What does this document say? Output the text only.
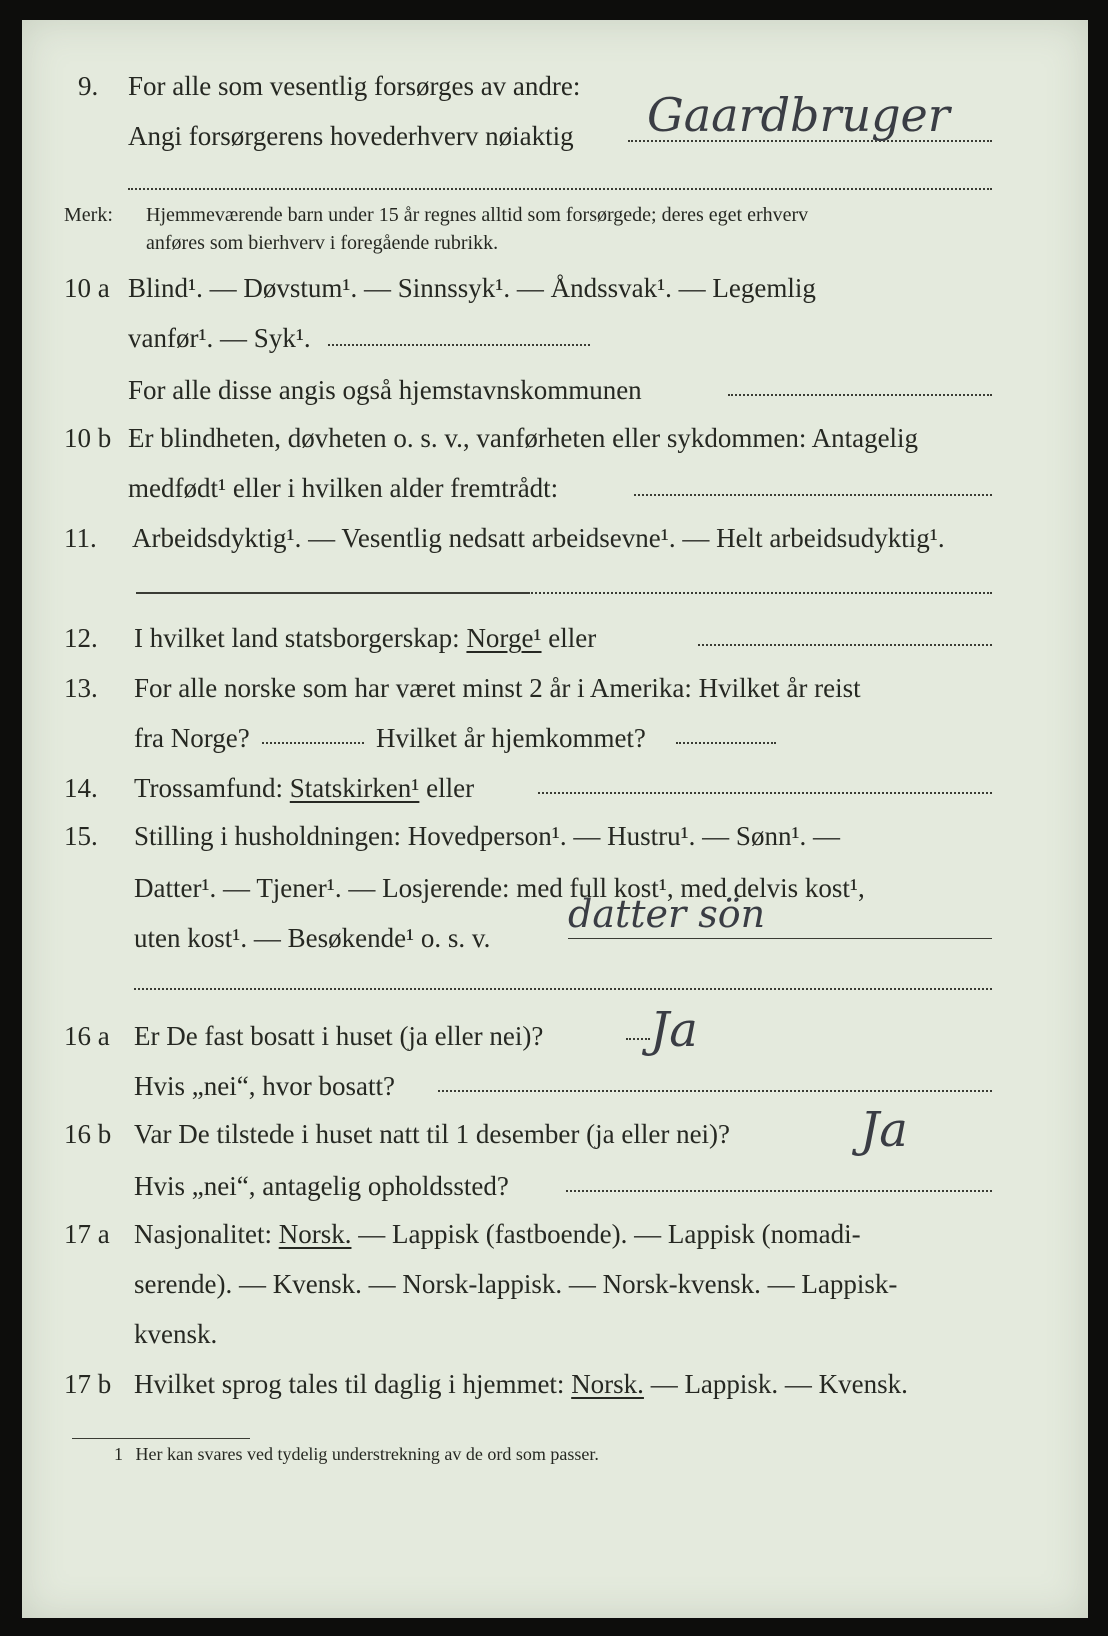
9. For alle som vesentlig forsørges av andre:
Angi forsørgerens hovederhverv nøiaktig Gaardbruger
Merk: Hjemmeværende barn under 15 år regnes alltid som forsørgede; deres eget erhverv
anføres som bierhverv i foregående rubrikk.
10 a Blind¹. — Døvstum¹. — Sinnssyk¹. — Åndssvak¹. — Legemlig
vanfør¹. — Syk¹.
For alle disse angis også hjemstavnskommunen
10 b Er blindheten, døvheten o. s. v., vanførheten eller sykdommen: Antagelig
medfødt¹ eller i hvilken alder fremtrådt:
11. Arbeidsdyktig¹. — Vesentlig nedsatt arbeidsevne¹. — Helt arbeidsudyktig¹.
12. I hvilket land statsborgerskap: Norge¹ eller
13. For alle norske som har været minst 2 år i Amerika: Hvilket år reist
fra Norge?	Hvilket år hjemkommet?
14. Trossamfund: Statskirken¹ eller
15. Stilling i husholdningen: Hovedperson¹. — Hustru¹. — Sønn¹. —
Datter¹. — Tjener¹. — Losjerende: med full kost¹, med delvis kost¹,
uten kost¹. — Besøkende¹ o. s. v.
datter sön
16 a Er De fast bosatt i huset (ja eller nei)? Ja
Hvis „nei“, hvor bosatt?
16 b Var De tilstede i huset natt til 1 desember (ja eller nei)?	Ja
Hvis „nei“, antagelig opholdssted?
17 a Nasjonalitet: Norsk. — Lappisk (fastboende). — Lappisk (nomadi-
serende). — Kvensk. — Norsk-lappisk. — Norsk-kvensk. — Lappisk-
kvensk.
17 b Hvilket sprog tales til daglig i hjemmet: Norsk. — Lappisk. — Kvensk.
1 Her kan svares ved tydelig understrekning av de ord som passer.
